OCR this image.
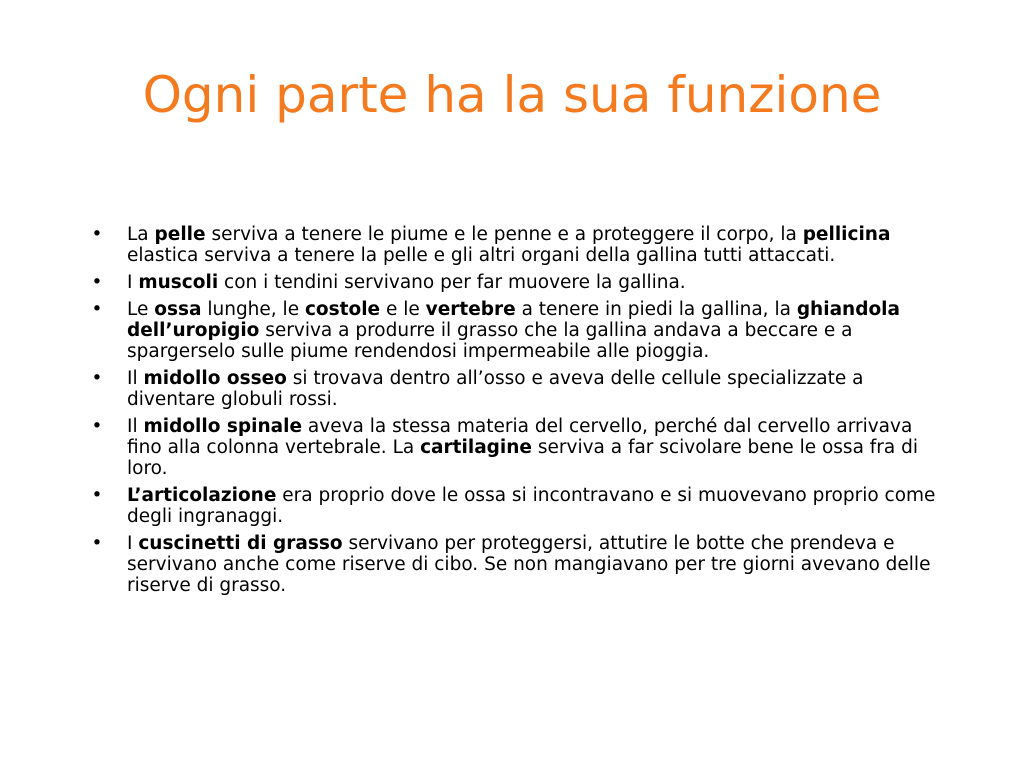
Ogni parte ha la sua funzione
• La pelle serviva a tenere le piume e le penne e a proteggere il corpo, la pellicina elastica serviva a tenere la pelle e gli altri organi della gallina tutti attaccati.
• I muscoli con i tendini servivano per far muovere la gallina.
• Le ossa lunghe, le costole e le vertebre a tenere in piedi la gallina, la ghiandola dell’uropigio serviva a produrre il grasso che la gallina andava a beccare e a spargerselo sulle piume rendendosi impermeabile alle pioggia.
• Il midollo osseo si trovava dentro all’osso e aveva delle cellule specializzate a diventare globuli rossi.
• Il midollo spinale aveva la stessa materia del cervello, perché dal cervello arrivava fino alla colonna vertebrale. La cartilagine serviva a far scivolare bene le ossa fra di loro.
• L’articolazione era proprio dove le ossa si incontravano e si muovevano proprio come degli ingranaggi.
• I cuscinetti di grasso servivano per proteggersi, attutire le botte che prendeva e servivano anche come riserve di cibo. Se non mangiavano per tre giorni avevano delle riserve di grasso.
